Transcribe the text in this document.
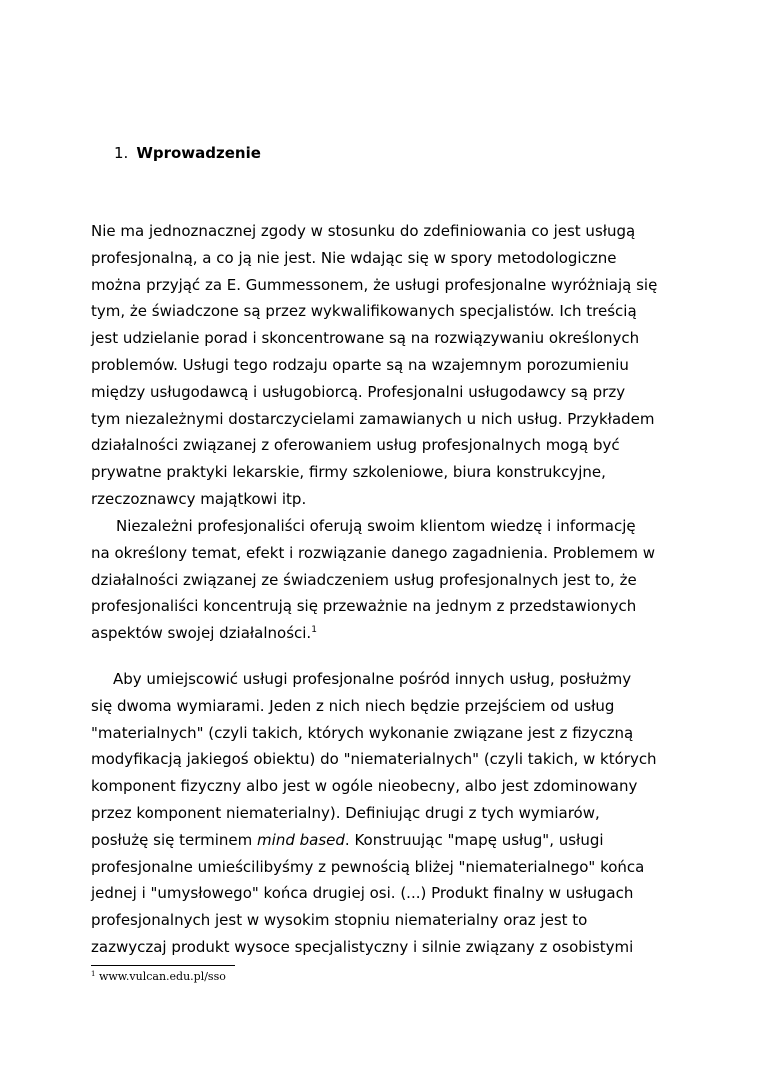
1. Wprowadzenie
Nie ma jednoznacznej zgody w stosunku do zdefiniowania co jest usługą
profesjonalną, a co ją nie jest. Nie wdając się w spory metodologiczne
można przyjąć za E. Gummessonem, że usługi profesjonalne wyróżniają się
tym, że świadczone są przez wykwalifikowanych specjalistów. Ich treścią
jest udzielanie porad i skoncentrowane są na rozwiązywaniu określonych
problemów. Usługi tego rodzaju oparte są na wzajemnym porozumieniu
między usługodawcą i usługobiorcą. Profesjonalni usługodawcy są przy
tym niezależnymi dostarczycielami zamawianych u nich usług. Przykładem
działalności związanej z oferowaniem usług profesjonalnych mogą być
prywatne praktyki lekarskie, firmy szkoleniowe, biura konstrukcyjne,
rzeczoznawcy majątkowi itp.
Niezależni profesjonaliści oferują swoim klientom wiedzę i informację
na określony temat, efekt i rozwiązanie danego zagadnienia. Problemem w
działalności związanej ze świadczeniem usług profesjonalnych jest to, że
profesjonaliści koncentrują się przeważnie na jednym z przedstawionych
aspektów swojej działalności.$^1$
Aby umiejscowić usługi profesjonalne pośród innych usług, posłużmy
się dwoma wymiarami. Jeden z nich niech będzie przejściem od usług
"materialnych" (czyli takich, których wykonanie związane jest z fizyczną
modyfikacją jakiegoś obiektu) do "niematerialnych" (czyli takich, w których
komponent fizyczny albo jest w ogóle nieobecny, albo jest zdominowany
przez komponent niematerialny). Definiując drugi z tych wymiarów,
posłużę się terminem mind based. Konstruując "mapę usług", usługi
profesjonalne umieścilibyśmy z pewnością bliżej "niematerialnego" końca
jednej i "umysłowego" końca drugiej osi. (...) Produkt finalny w usługach
profesjonalnych jest w wysokim stopniu niematerialny oraz jest to
zazwyczaj produkt wysoce specjalistyczny i silnie związany z osobistymi
$^1$ www.vulcan.edu.pl/sso
